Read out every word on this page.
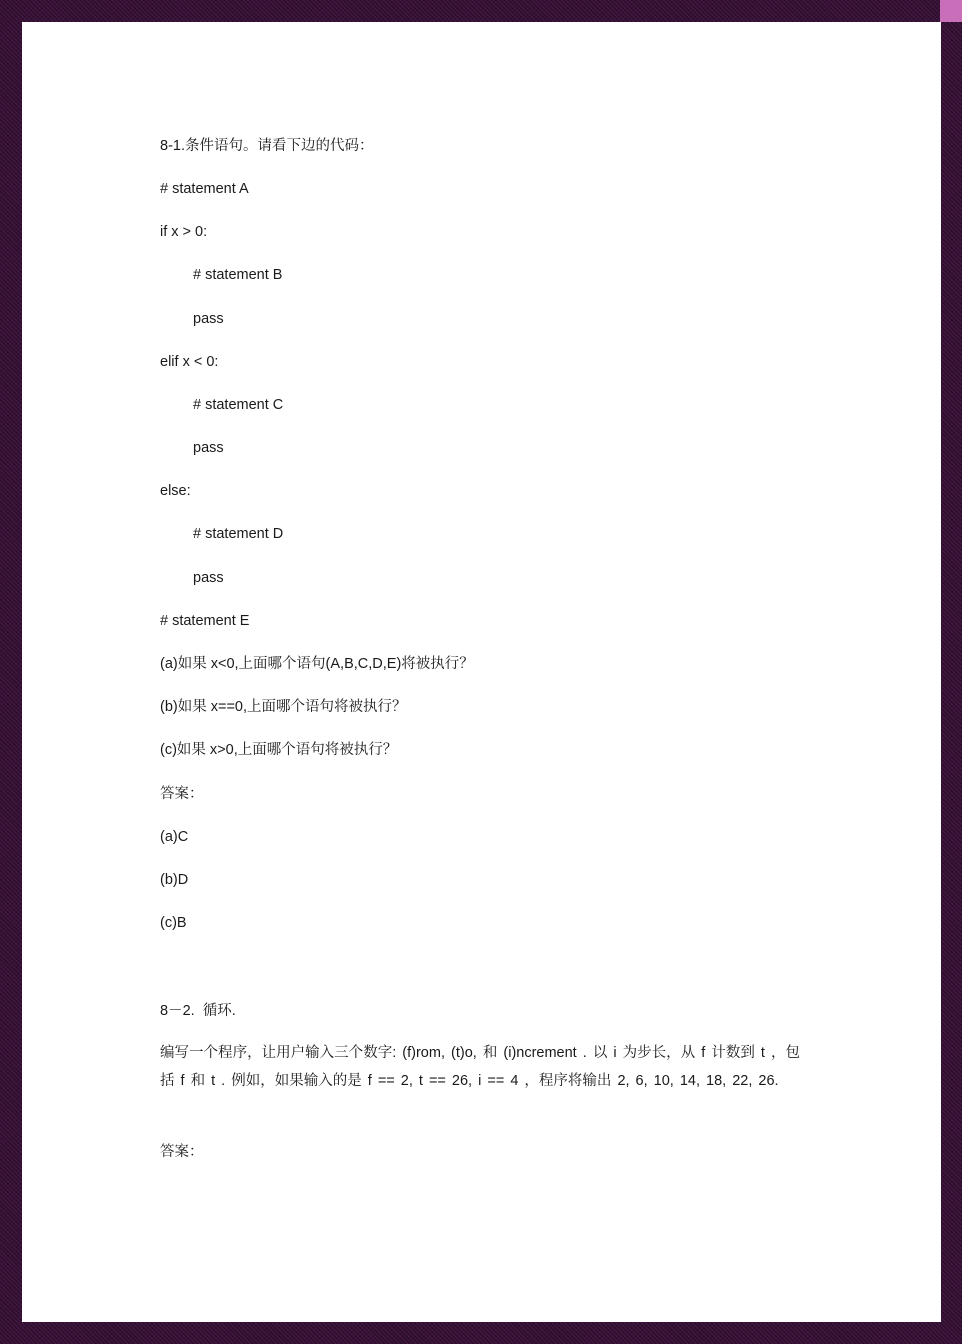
8-1.条件语句。请看下边的代码：
# statement A
if x > 0:
# statement B
pass
elif x < 0:
# statement C
pass
else:
# statement D
pass
# statement E
(a)如果 x<0,上面哪个语句(A,B,C,D,E)将被执行？
(b)如果 x==0,上面哪个语句将被执行？
(c)如果 x>0,上面哪个语句将被执行？
答案：
(a)C
(b)D
(c)B
8－2.  循环.
编写一个程序，让用户输入三个数字: (f)rom, (t)o, 和 (i)ncrement . 以 i 为步长，从 f 计数到 t ，包括 f 和 t . 例如，如果输入的是 f == 2, t == 26, i == 4 ，程序将输出 2, 6, 10, 14, 18, 22, 26.
答案：
